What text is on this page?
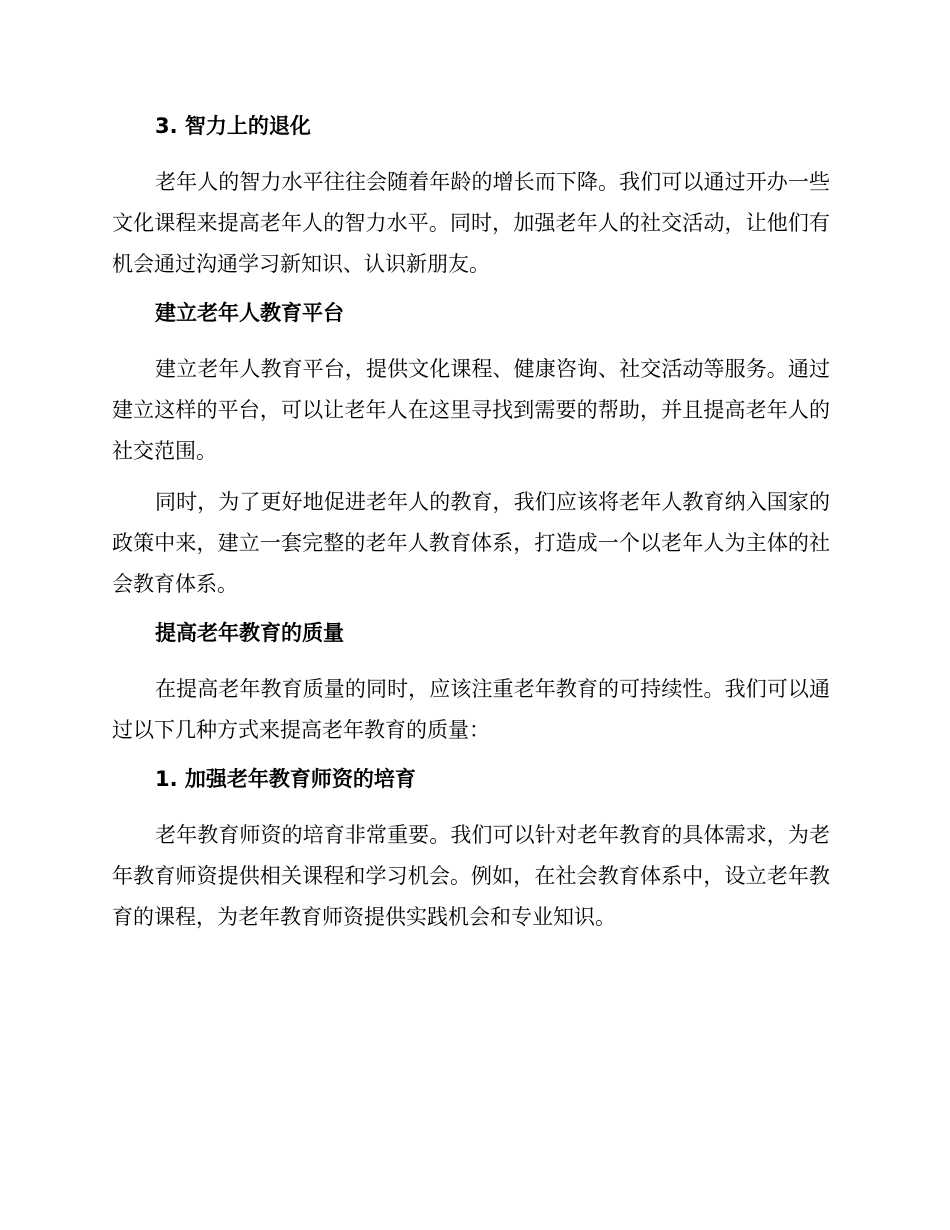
3. 智力上的退化

老年人的智力水平往往会随着年龄的增长而下降。我们可以通过开办一些文化课程来提高老年人的智力水平。同时，加强老年人的社交活动，让他们有机会通过沟通学习新知识、认识新朋友。

建立老年人教育平台

建立老年人教育平台，提供文化课程、健康咨询、社交活动等服务。通过建立这样的平台，可以让老年人在这里寻找到需要的帮助，并且提高老年人的社交范围。

同时，为了更好地促进老年人的教育，我们应该将老年人教育纳入国家的政策中来，建立一套完整的老年人教育体系，打造成一个以老年人为主体的社会教育体系。

提高老年教育的质量

在提高老年教育质量的同时，应该注重老年教育的可持续性。我们可以通过以下几种方式来提高老年教育的质量：

1. 加强老年教育师资的培育

老年教育师资的培育非常重要。我们可以针对老年教育的具体需求，为老年教育师资提供相关课程和学习机会。例如，在社会教育体系中，设立老年教育的课程，为老年教育师资提供实践机会和专业知识。
